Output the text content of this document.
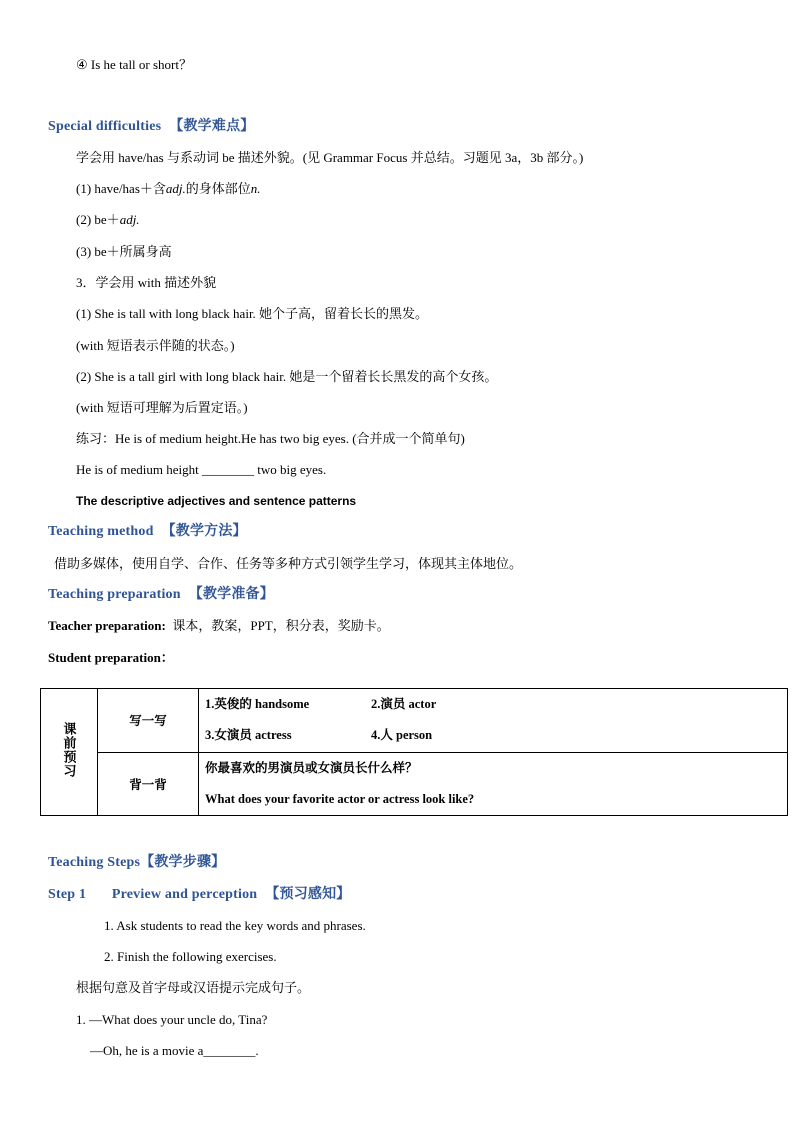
④ Is he tall or short？
Special difficulties 【教学难点】
学会用 have/has 与系动词 be 描述外貌。(见 Grammar Focus 并总结。习题见 3a，3b 部分。)
(1) have/has＋含adj.的身体部位n.
(2) be＋adj.
(3) be＋所属身高
3．学会用 with 描述外貌
(1) She is tall with long black hair. 她个子高，留着长长的黑发。
(with 短语表示伴随的状态。)
(2) She is a tall girl with long black hair. 她是一个留着长长黑发的高个女孩。
(with 短语可理解为后置定语。)
练习：He is of medium height.He has two big eyes. (合并成一个简单句)
He is of medium height ________ two big eyes.
The descriptive adjectives and sentence patterns
Teaching method 【教学方法】
借助多媒体，使用自学、合作、任务等多种方式引领学生学习，体现其主体地位。
Teaching preparation 【教学准备】
Teacher preparation: 课本，教案，PPT，积分表，奖励卡。
Student preparation：
课前预习	写一写	1.英俊的 handsome 2.演员 actor
3.女演员 actress 4.人 person

	背一背	你最喜欢的男演员或女演员长什么样？
What does your favorite actor or actress look like?
Teaching Steps【教学步骤】
Step 1 Preview and perception 【预习感知】
1. Ask students to read the key words and phrases.
2. Finish the following exercises.
根据句意及首字母或汉语提示完成句子。
1. —What does your uncle do, Tina?
—Oh, he is a movie a________.
